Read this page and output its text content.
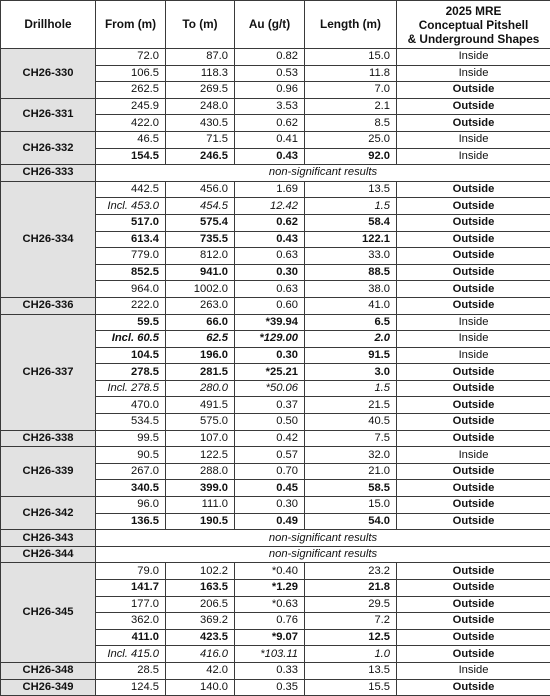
Drillhole	From (m)	To (m)	Au (g/t)	Length (m)	2025 MRE
Conceptual Pitshell
& Underground Shapes

CH26-330	72.0	87.0	0.82	15.0	Inside
	106.5	118.3	0.53	11.8	Inside
	262.5	269.5	0.96	7.0	Outside
CH26-331	245.9	248.0	3.53	2.1	Outside
	422.0	430.5	0.62	8.5	Outside
CH26-332	46.5	71.5	0.41	25.0	Inside
	154.5	246.5	0.43	92.0	Inside
CH26-333	non-significant results				
CH26-334	442.5	456.0	1.69	13.5	Outside
	Incl. 453.0	454.5	12.42	1.5	Outside
	517.0	575.4	0.62	58.4	Outside
	613.4	735.5	0.43	122.1	Outside
	779.0	812.0	0.63	33.0	Outside
	852.5	941.0	0.30	88.5	Outside
	964.0	1002.0	0.63	38.0	Outside
CH26-336	222.0	263.0	0.60	41.0	Outside
CH26-337	59.5	66.0	*39.94	6.5	Inside
	Incl. 60.5	62.5	*129.00	2.0	Inside
	104.5	196.0	0.30	91.5	Inside
	278.5	281.5	*25.21	3.0	Outside
	Incl. 278.5	280.0	*50.06	1.5	Outside
	470.0	491.5	0.37	21.5	Outside
	534.5	575.0	0.50	40.5	Outside
CH26-338	99.5	107.0	0.42	7.5	Outside
CH26-339	90.5	122.5	0.57	32.0	Inside
	267.0	288.0	0.70	21.0	Outside
	340.5	399.0	0.45	58.5	Outside
CH26-342	96.0	111.0	0.30	15.0	Outside
	136.5	190.5	0.49	54.0	Outside
CH26-343	non-significant results				
CH26-344	non-significant results				
CH26-345	79.0	102.2	*0.40	23.2	Outside
	141.7	163.5	*1.29	21.8	Outside
	177.0	206.5	*0.63	29.5	Outside
	362.0	369.2	0.76	7.2	Outside
	411.0	423.5	*9.07	12.5	Outside
	Incl. 415.0	416.0	*103.11	1.0	Outside
CH26-348	28.5	42.0	0.33	13.5	Inside
CH26-349	124.5	140.0	0.35	15.5	Outside
